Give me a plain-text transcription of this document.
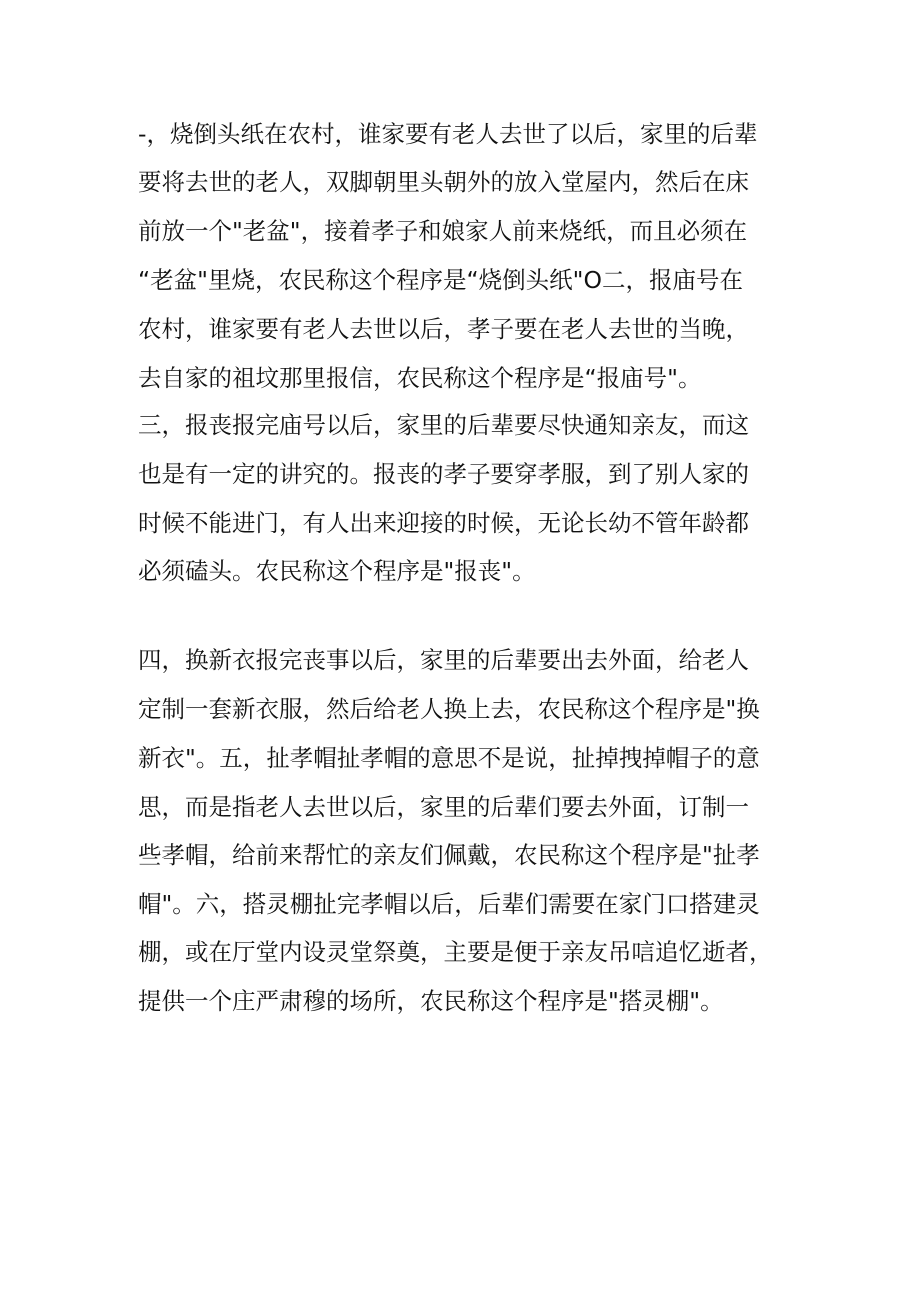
-，烧倒头纸在农村，谁家要有老人去世了以后，家里的后辈
要将去世的老人，双脚朝里头朝外的放入堂屋内，然后在床
前放一个"老盆"，接着孝子和娘家人前来烧纸，而且必须在
“老盆"里烧，农民称这个程序是“烧倒头纸"O二，报庙号在
农村，谁家要有老人去世以后，孝子要在老人去世的当晚，
去自家的祖坟那里报信，农民称这个程序是“报庙号"。
三，报丧报完庙号以后，家里的后辈要尽快通知亲友，而这
也是有一定的讲究的。报丧的孝子要穿孝服，到了别人家的
时候不能进门，有人出来迎接的时候，无论长幼不管年龄都
必须磕头。农民称这个程序是"报丧"。
四，换新衣报完丧事以后，家里的后辈要出去外面，给老人
定制一套新衣服，然后给老人换上去，农民称这个程序是"换
新衣"。五，扯孝帽扯孝帽的意思不是说，扯掉拽掉帽子的意
思，而是指老人去世以后，家里的后辈们要去外面，订制一
些孝帽，给前来帮忙的亲友们佩戴，农民称这个程序是"扯孝
帽"。六，搭灵棚扯完孝帽以后，后辈们需要在家门口搭建灵
棚，或在厅堂内设灵堂祭奠，主要是便于亲友吊唁追忆逝者，
提供一个庄严肃穆的场所，农民称这个程序是"搭灵棚"。
